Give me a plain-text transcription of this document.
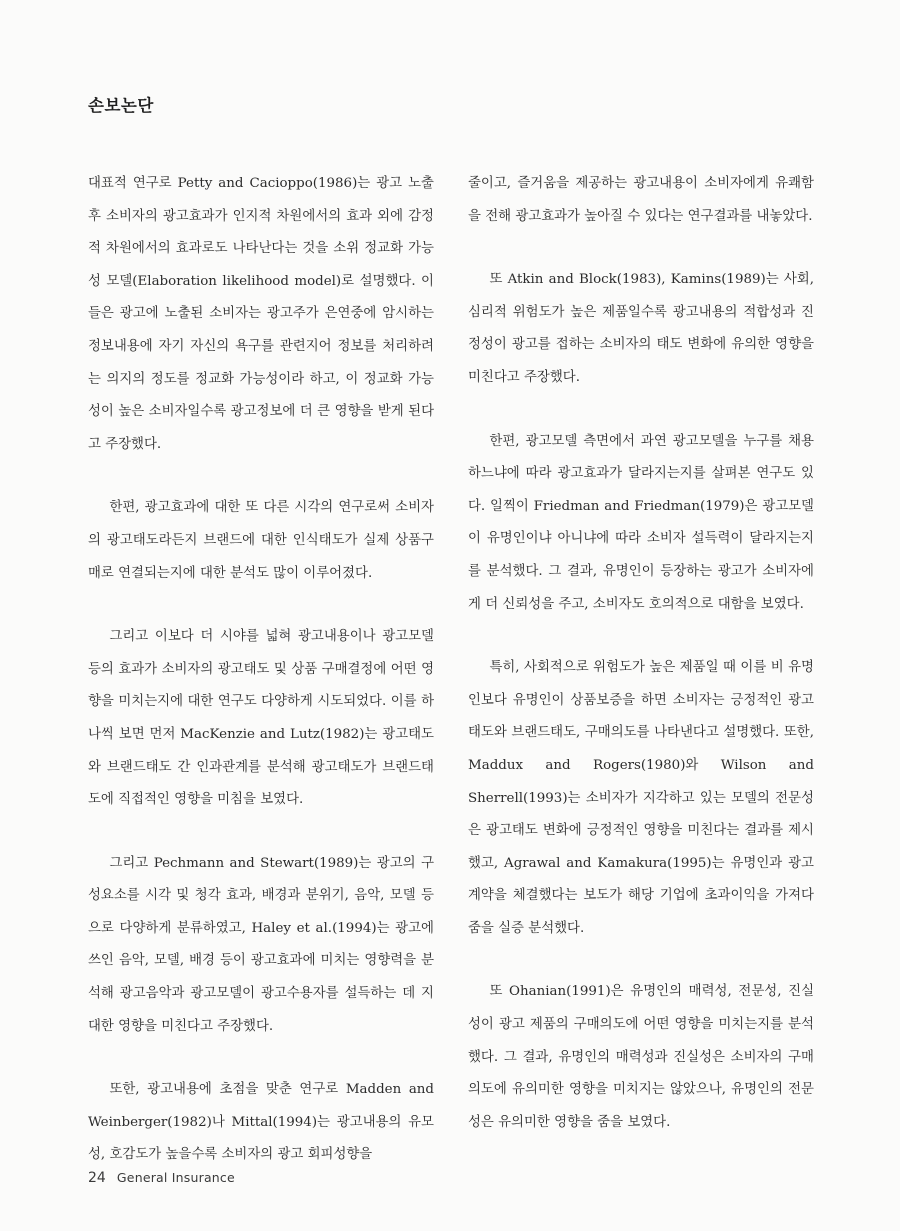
손보논단

대표적 연구로 Petty and Cacioppo(1986)는 광고 노출 후 소비자의 광고효과가 인지적 차원에서의 효과 외에 감정적 차원에서의 효과로도 나타난다는 것을 소위 정교화 가능성 모델(Elaboration likelihood model)로 설명했다. 이들은 광고에 노출된 소비자는 광고주가 은연중에 암시하는 정보내용에 자기 자신의 욕구를 관련지어 정보를 처리하려는 의지의 정도를 정교화 가능성이라 하고, 이 정교화 가능성이 높은 소비자일수록 광고정보에 더 큰 영향을 받게 된다고 주장했다.

한편, 광고효과에 대한 또 다른 시각의 연구로써 소비자의 광고태도라든지 브랜드에 대한 인식태도가 실제 상품구매로 연결되는지에 대한 분석도 많이 이루어졌다.

그리고 이보다 더 시야를 넓혀 광고내용이나 광고모델 등의 효과가 소비자의 광고태도 및 상품 구매결정에 어떤 영향을 미치는지에 대한 연구도 다양하게 시도되었다. 이를 하나씩 보면 먼저 MacKenzie and Lutz(1982)는 광고태도와 브랜드태도 간 인과관계를 분석해 광고태도가 브랜드태도에 직접적인 영향을 미침을 보였다.

그리고 Pechmann and Stewart(1989)는 광고의 구성요소를 시각 및 청각 효과, 배경과 분위기, 음악, 모델 등으로 다양하게 분류하였고, Haley et al.(1994)는 광고에 쓰인 음악, 모델, 배경 등이 광고효과에 미치는 영향력을 분석해 광고음악과 광고모델이 광고수용자를 설득하는 데 지대한 영향을 미친다고 주장했다.

또한, 광고내용에 초점을 맞춘 연구로 Madden and Weinberger(1982)나 Mittal(1994)는 광고내용의 유모성, 호감도가 높을수록 소비자의 광고 회피성향을

줄이고, 즐거움을 제공하는 광고내용이 소비자에게 유쾌함을 전해 광고효과가 높아질 수 있다는 연구결과를 내놓았다.

또 Atkin and Block(1983), Kamins(1989)는 사회, 심리적 위험도가 높은 제품일수록 광고내용의 적합성과 진정성이 광고를 접하는 소비자의 태도 변화에 유의한 영향을 미친다고 주장했다.

한편, 광고모델 측면에서 과연 광고모델을 누구를 채용하느냐에 따라 광고효과가 달라지는지를 살펴본 연구도 있다. 일찍이 Friedman and Friedman(1979)은 광고모델이 유명인이냐 아니냐에 따라 소비자 설득력이 달라지는지를 분석했다. 그 결과, 유명인이 등장하는 광고가 소비자에게 더 신뢰성을 주고, 소비자도 호의적으로 대함을 보였다.

특히, 사회적으로 위험도가 높은 제품일 때 이를 비 유명인보다 유명인이 상품보증을 하면 소비자는 긍정적인 광고태도와 브랜드태도, 구매의도를 나타낸다고 설명했다. 또한, Maddux and Rogers(1980)와 Wilson and Sherrell(1993)는 소비자가 지각하고 있는 모델의 전문성은 광고태도 변화에 긍정적인 영향을 미친다는 결과를 제시했고, Agrawal and Kamakura(1995)는 유명인과 광고계약을 체결했다는 보도가 해당 기업에 초과이익을 가져다줌을 실증 분석했다.

또 Ohanian(1991)은 유명인의 매력성, 전문성, 진실성이 광고 제품의 구매의도에 어떤 영향을 미치는지를 분석했다. 그 결과, 유명인의 매력성과 진실성은 소비자의 구매의도에 유의미한 영향을 미치지는 않았으나, 유명인의 전문성은 유의미한 영향을 줌을 보였다.

24 General Insurance
